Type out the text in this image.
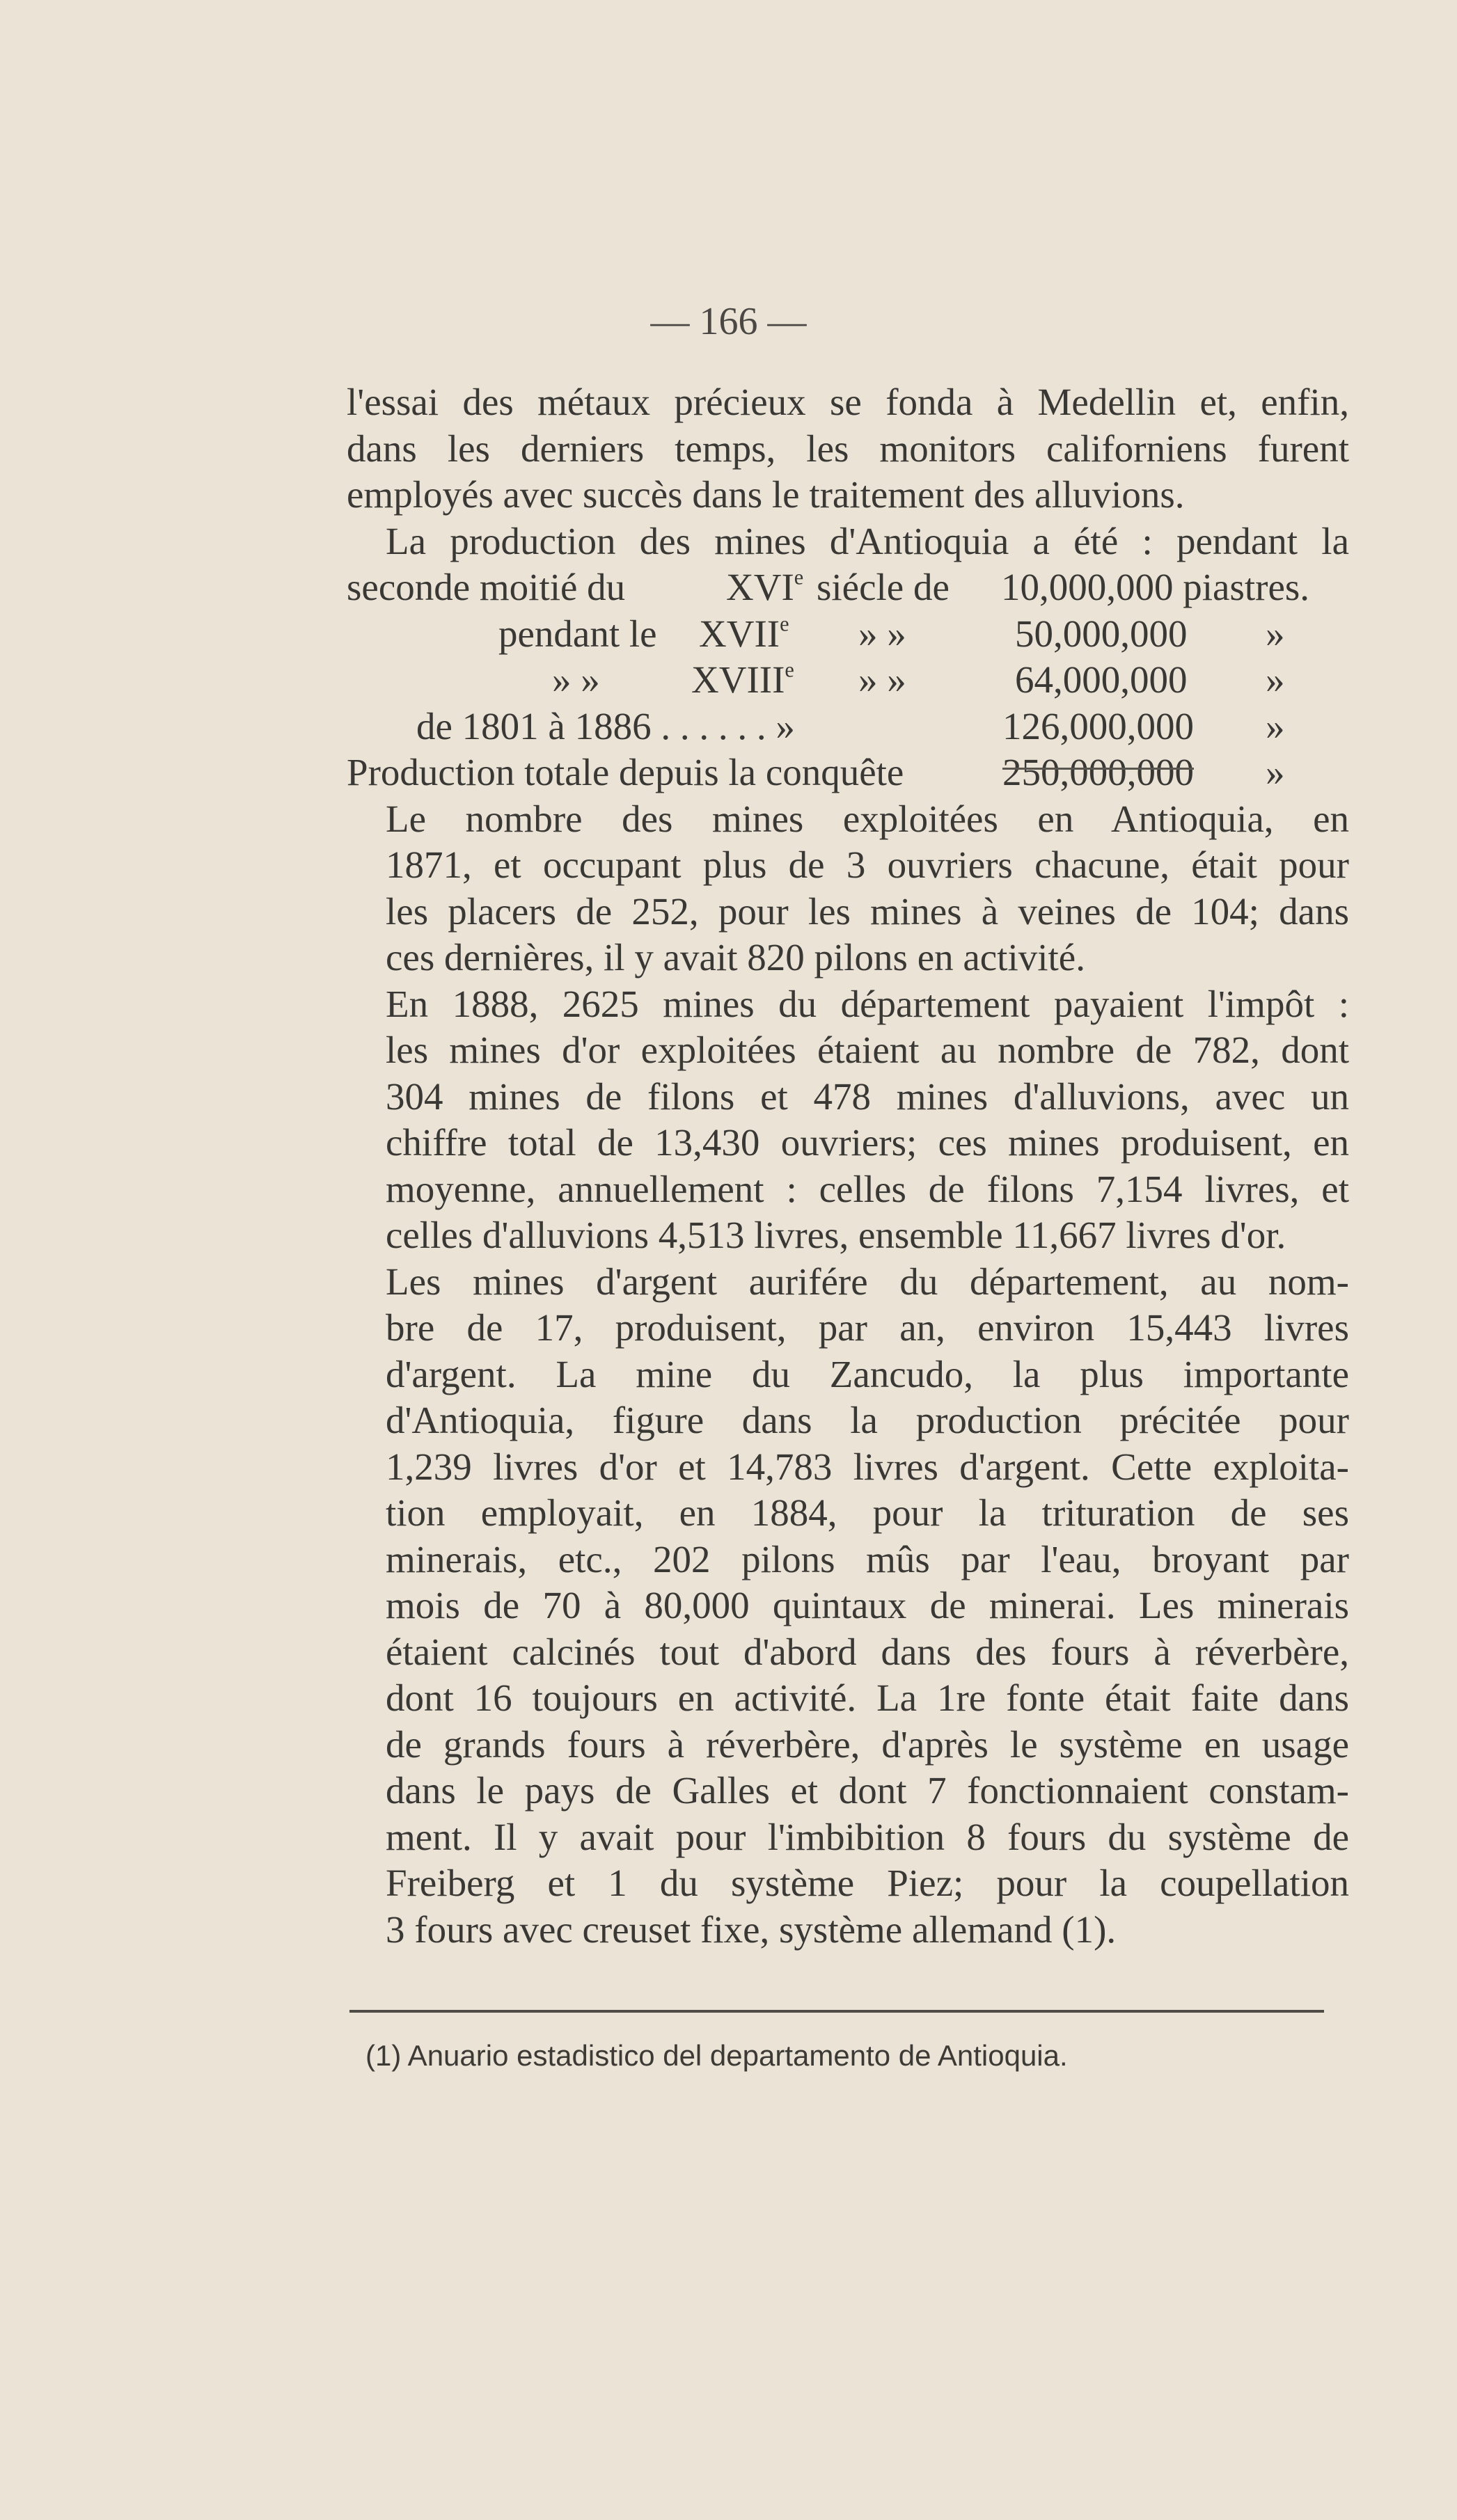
— 166 —
l'essai des métaux précieux se fonda à Medellin et, enfin,
dans les derniers temps, les monitors californiens furent
employés avec succès dans le traitement des alluvions.
La production des mines d'Antioquia a été : pendant la
seconde moitié du	XVIe siécle de 10,000,000 piastres.
pendant le XVIIe » »	50,000,000 »
» » XVIIIe » »	64,000,000 »
de 1801 à 1886 . . . . . . »	126,000,000 »
Production totale depuis la conquête	250,000,000 »
Le nombre des mines exploitées en Antioquia, en
1871, et occupant plus de 3 ouvriers chacune, était pour
les placers de 252, pour les mines à veines de 104; dans
ces dernières, il y avait 820 pilons en activité.
En 1888, 2625 mines du département payaient l'impôt :
les mines d'or exploitées étaient au nombre de 782, dont
304 mines de filons et 478 mines d'alluvions, avec un
chiffre total de 13,430 ouvriers; ces mines produisent, en
moyenne, annuellement : celles de filons 7,154 livres, et
celles d'alluvions 4,513 livres, ensemble 11,667 livres d'or.
Les mines d'argent aurifére du département, au nom-
bre de 17, produisent, par an, environ 15,443 livres
d'argent. La mine du Zancudo, la plus importante
d'Antioquia, figure dans la production précitée pour
1,239 livres d'or et 14,783 livres d'argent. Cette exploita-
tion employait, en 1884, pour la trituration de ses
minerais, etc., 202 pilons mûs par l'eau, broyant par
mois de 70 à 80,000 quintaux de minerai. Les minerais
étaient calcinés tout d'abord dans des fours à réverbère,
dont 16 toujours en activité. La 1re fonte était faite dans
de grands fours à réverbère, d'après le système en usage
dans le pays de Galles et dont 7 fonctionnaient constam-
ment. Il y avait pour l'imbibition 8 fours du système de
Freiberg et 1 du système Piez; pour la coupellation
3 fours avec creuset fixe, système allemand (1).
(1) Anuario estadistico del departamento de Antioquia.
